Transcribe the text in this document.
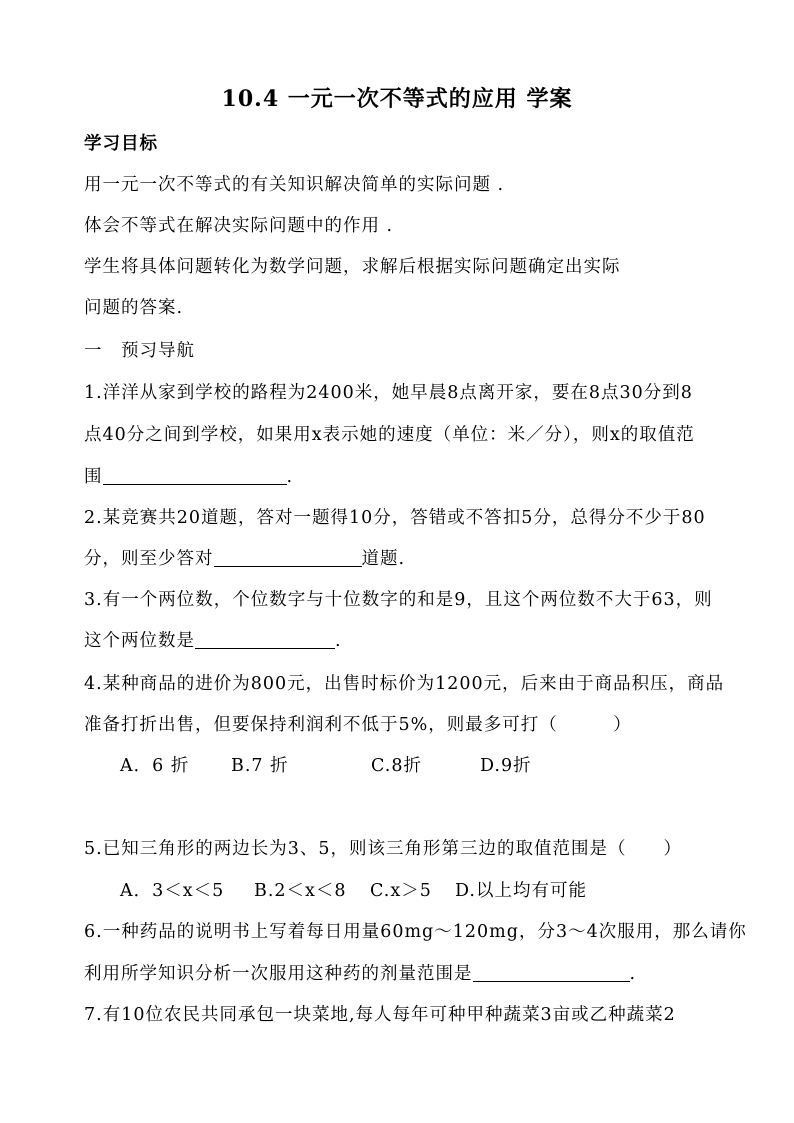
10.4 一元一次不等式的应用 学案
学习目标
用一元一次不等式的有关知识解决简单的实际问题 .
体会不等式在解决实际问题中的作用 .
学生将具体问题转化为数学问题，求解后根据实际问题确定出实际
问题的答案.
一　预习导航
1.洋洋从家到学校的路程为2400米，她早晨8点离开家，要在8点30分到8
点40分之间到学校，如果用x表示她的速度（单位：米／分），则x的取值范
围	.
2.某竞赛共20道题，答对一题得10分，答错或不答扣5分，总得分不少于80
分，则至少答对	道题.
3.有一个两位数，个位数字与十位数字的和是9，且这个两位数不大于63，则
这个两位数是	.
4.某种商品的进价为800元，出售时标价为1200元，后来由于商品积压，商品
准备打折出售，但要保持利润利不低于5%，则最多可打（　　　）
A．6 折 B.7 折	C.8折	D.9折
5.已知三角形的两边长为3、5，则该三角形第三边的取值范围是（　　）
A．3＜x＜5 B.2＜x＜8 C.x＞5 D.以上均有可能
6.一种药品的说明书上写着每日用量60mg～120mg，分3～4次服用，那么请你
利用所学知识分析一次服用这种药的剂量范围是	.
7.有10位农民共同承包一块菜地,每人每年可种甲种蔬菜3亩或乙种蔬菜2
